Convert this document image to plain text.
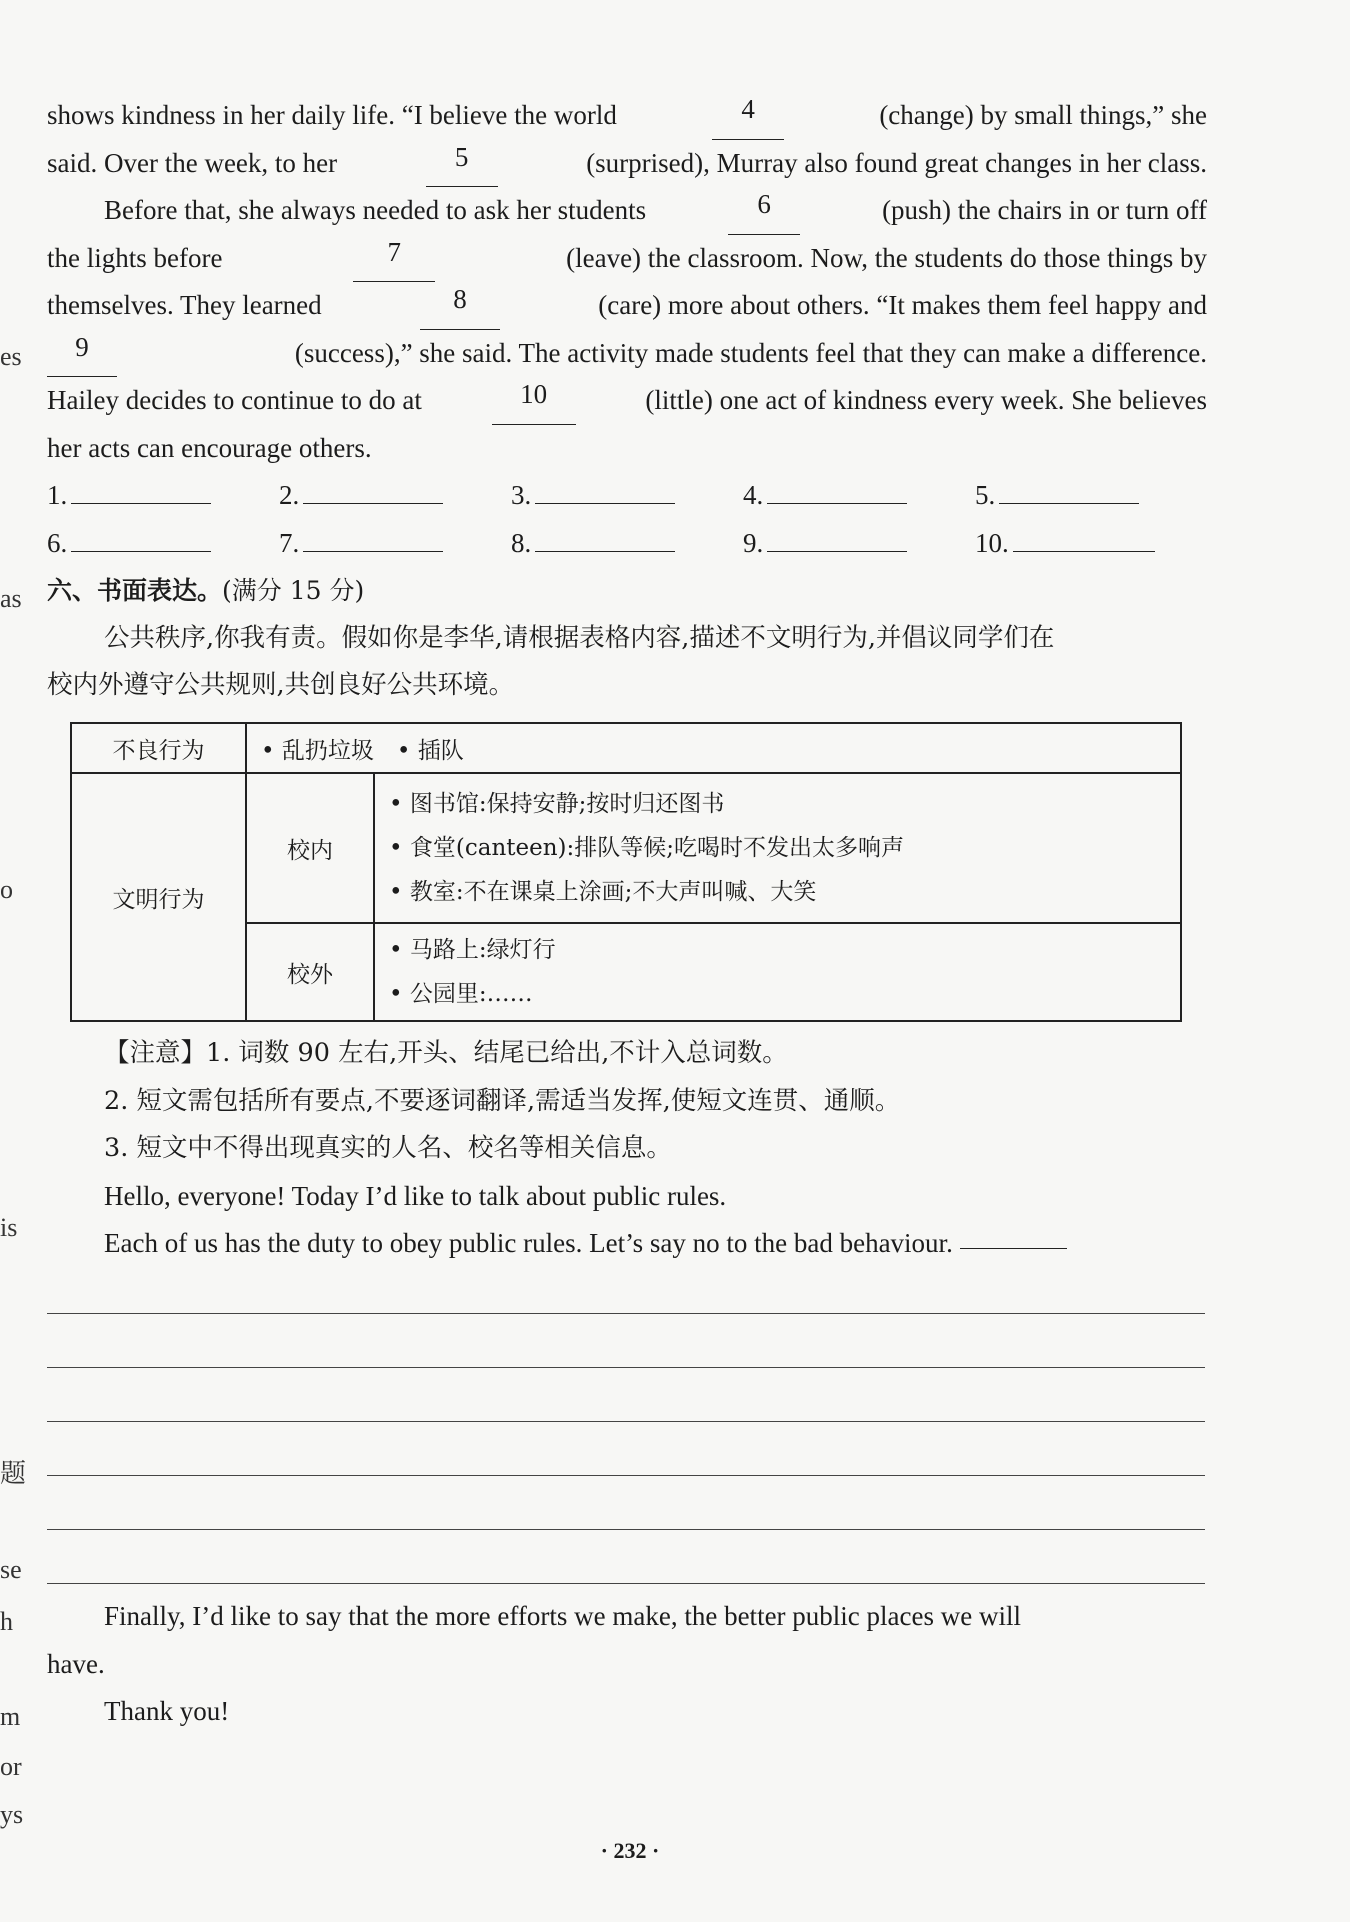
es
as
o
is
题
se
h
m
or
ys
shows kindness in her daily life. “I believe the world	4	(change) by small things,” she
said. Over the week, to her	5	(surprised), Murray also found great changes in her class.
Before that, she always needed to ask her students	6	(push) the chairs in or turn off
the lights before	7	(leave) the classroom. Now, the students do those things by
themselves. They learned	8	(care) more about others. “It makes them feel happy and
9	(success),” she said. The activity made students feel that they can make a difference.
Hailey decides to continue to do at	10	(little) one act of kindness every week. She believes
her acts can encourage others.
1.	2.	3.	4.	5.
6.	7.	8.	9.	10.
六、书面表达。 (满分 15 分)
公共秩序,你我有责。假如你是李华,请根据表格内容,描述不文明行为,并倡议同学们在
校内外遵守公共规则,共创良好公共环境。
不良行为	• 乱扔垃圾　• 插队	
文明行为	校内	• 图书馆:保持安静;按时归还图书
• 食堂(canteen):排队等候;吃喝时不发出太多响声
• 教室:不在课桌上涂画;不大声叫喊、大笑

	校外	• 马路上:绿灯行
• 公园里:……
【注意】1. 词数 90 左右,开头、结尾已给出,不计入总词数。
2. 短文需包括所有要点,不要逐词翻译,需适当发挥,使短文连贯、通顺。
3. 短文中不得出现真实的人名、校名等相关信息。
Hello, everyone! Today I’d like to talk about public rules.
Each of us has the duty to obey public rules. Let’s say no to the bad behaviour.

Finally, I’d like to say that the more efforts we make, the better public places we will
have.
Thank you!
· 232 ·
